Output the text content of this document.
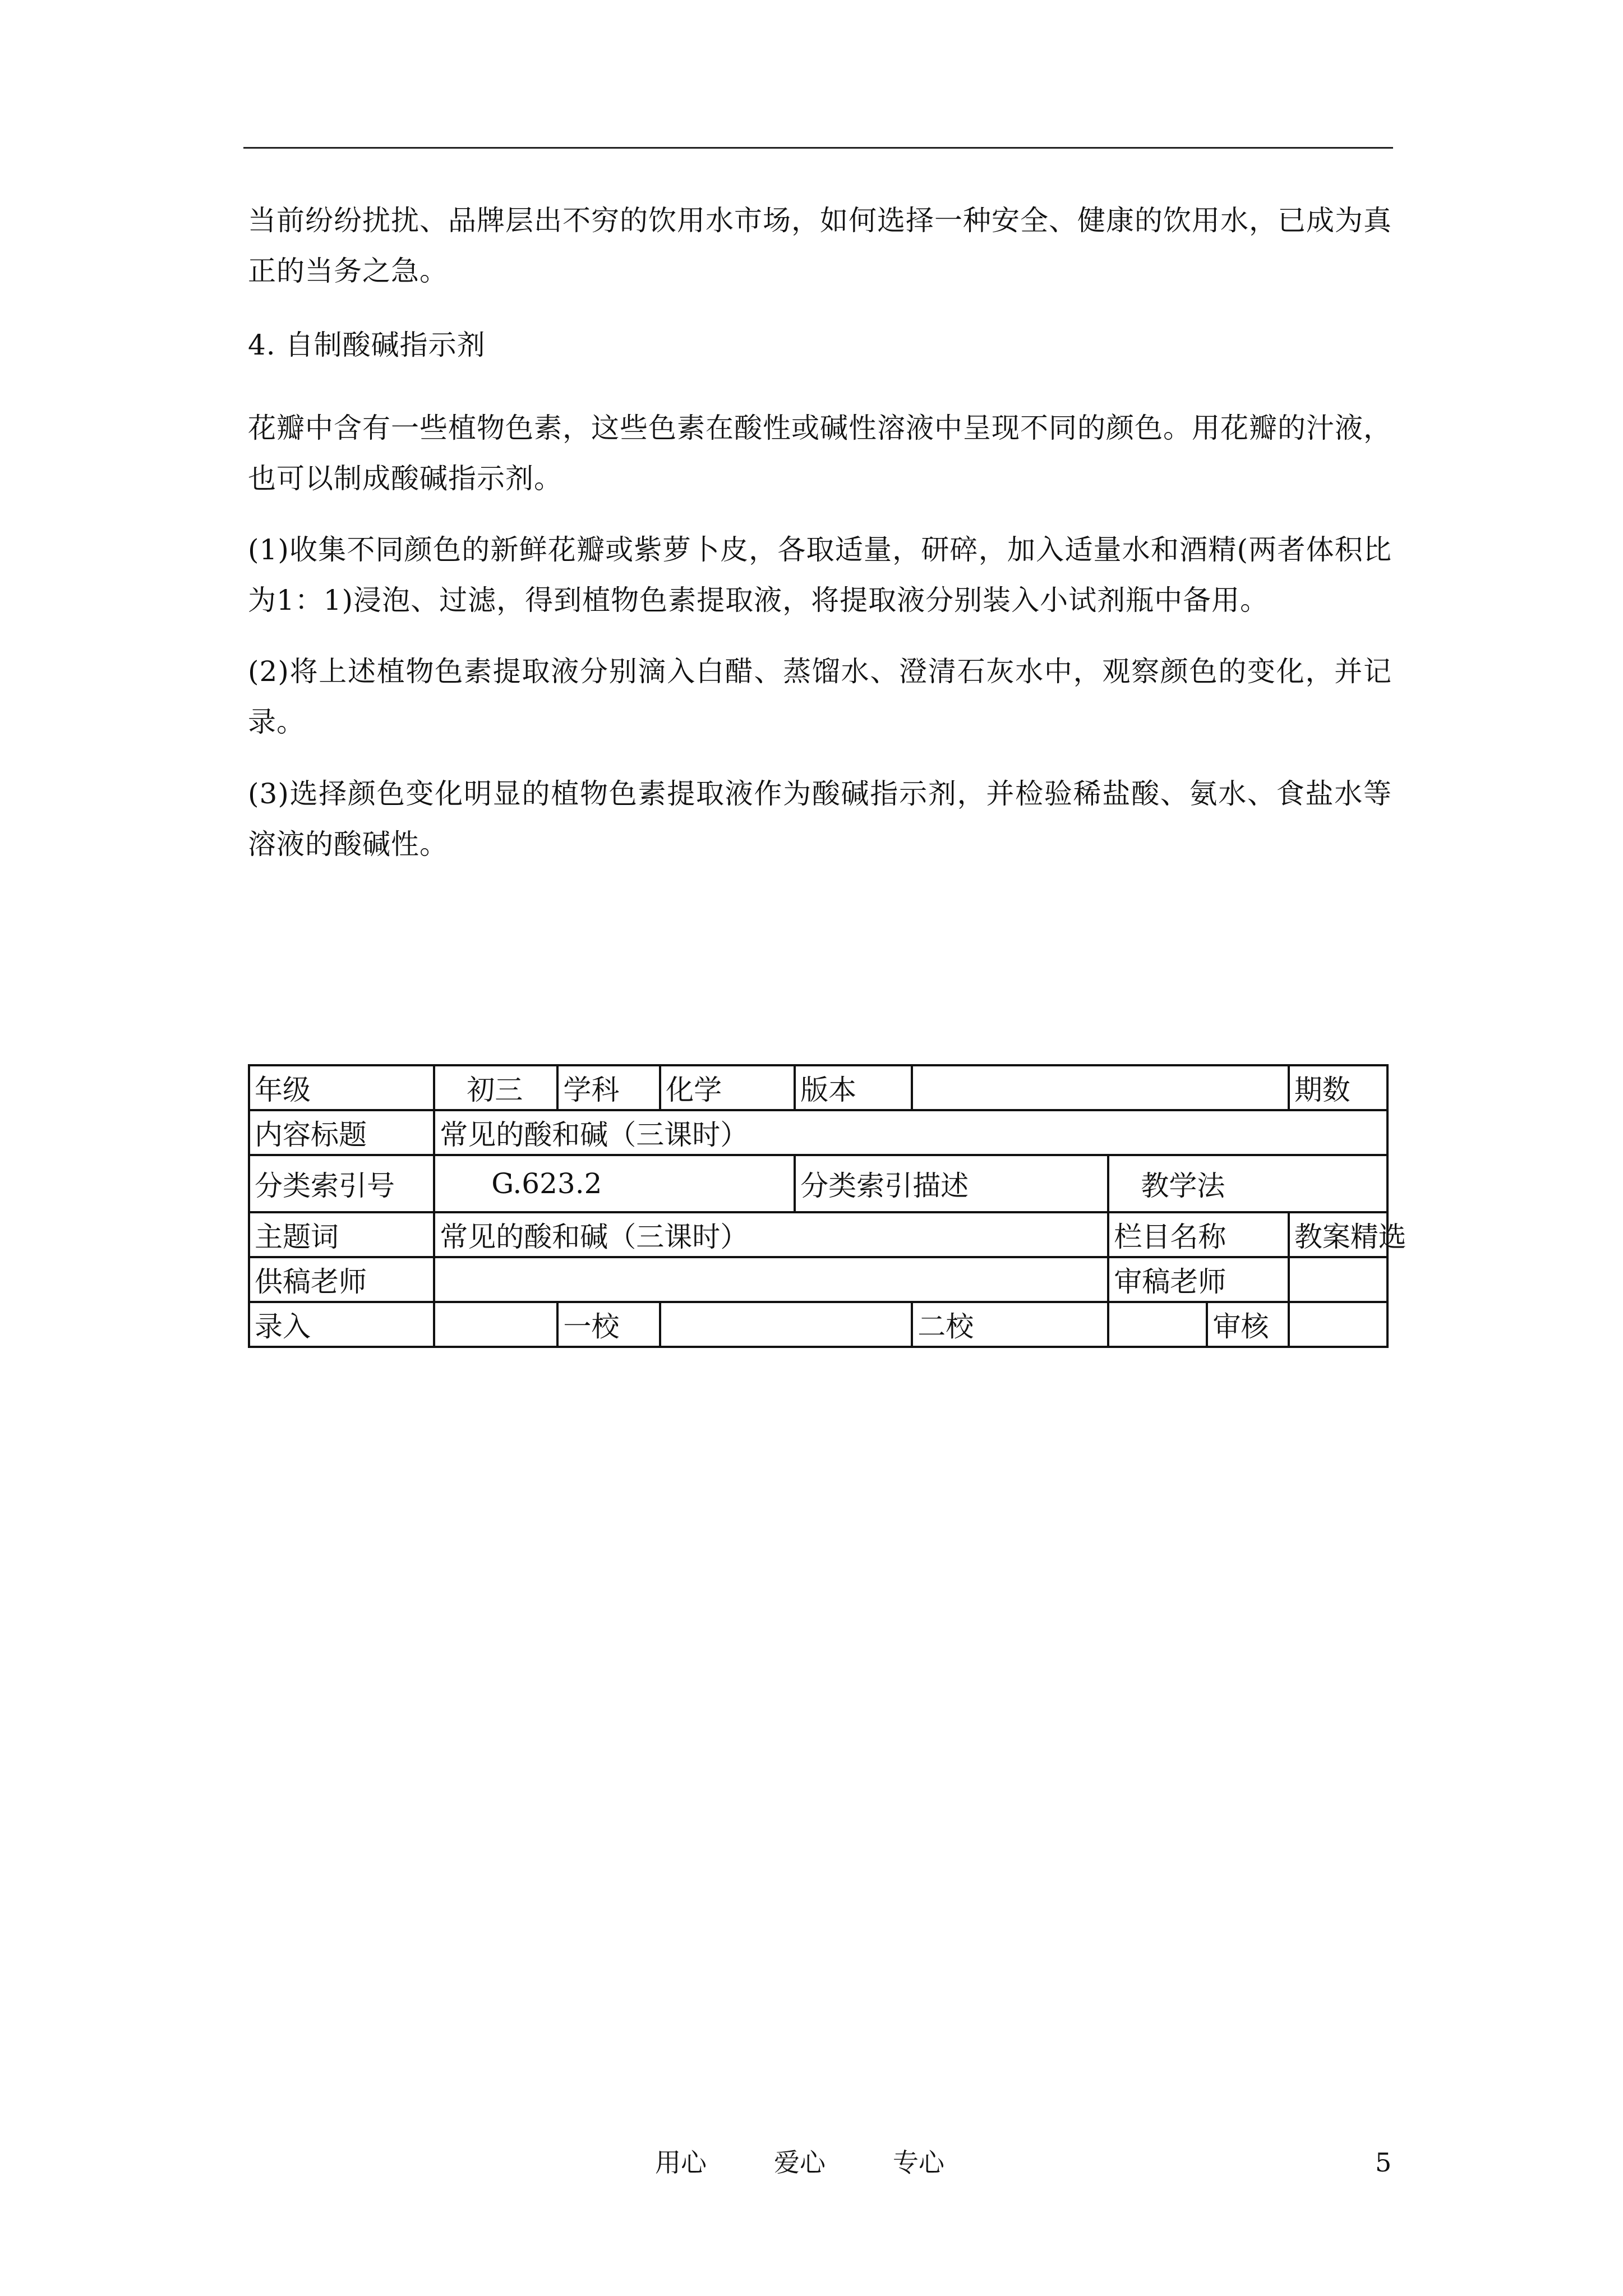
当前纷纷扰扰、品牌层出不穷的饮用水市场，如何选择一种安全、健康的饮用水，已成为真正的当务之急。

4. 自制酸碱指示剂

花瓣中含有一些植物色素，这些色素在酸性或碱性溶液中呈现不同的颜色。用花瓣的汁液，也可以制成酸碱指示剂。

(1)收集不同颜色的新鲜花瓣或紫萝卜皮，各取适量，研碎，加入适量水和酒精(两者体积比为1：1)浸泡、过滤，得到植物色素提取液，将提取液分别装入小试剂瓶中备用。

(2)将上述植物色素提取液分别滴入白醋、蒸馏水、澄清石灰水中，观察颜色的变化，并记录。

(3)选择颜色变化明显的植物色素提取液作为酸碱指示剂，并检验稀盐酸、氨水、食盐水等溶液的酸碱性。

年级	初三	学科	化学	版本				期数
内容标题	常见的酸和碱（三课时）							
分类索引号	G.623.2			分类索引描述		教学法		
主题词	常见的酸和碱（三课时）					栏目名称		教案精选
供稿老师						审稿老师		
录入		一校			二校		审核	
用心	爱心	专心	5
